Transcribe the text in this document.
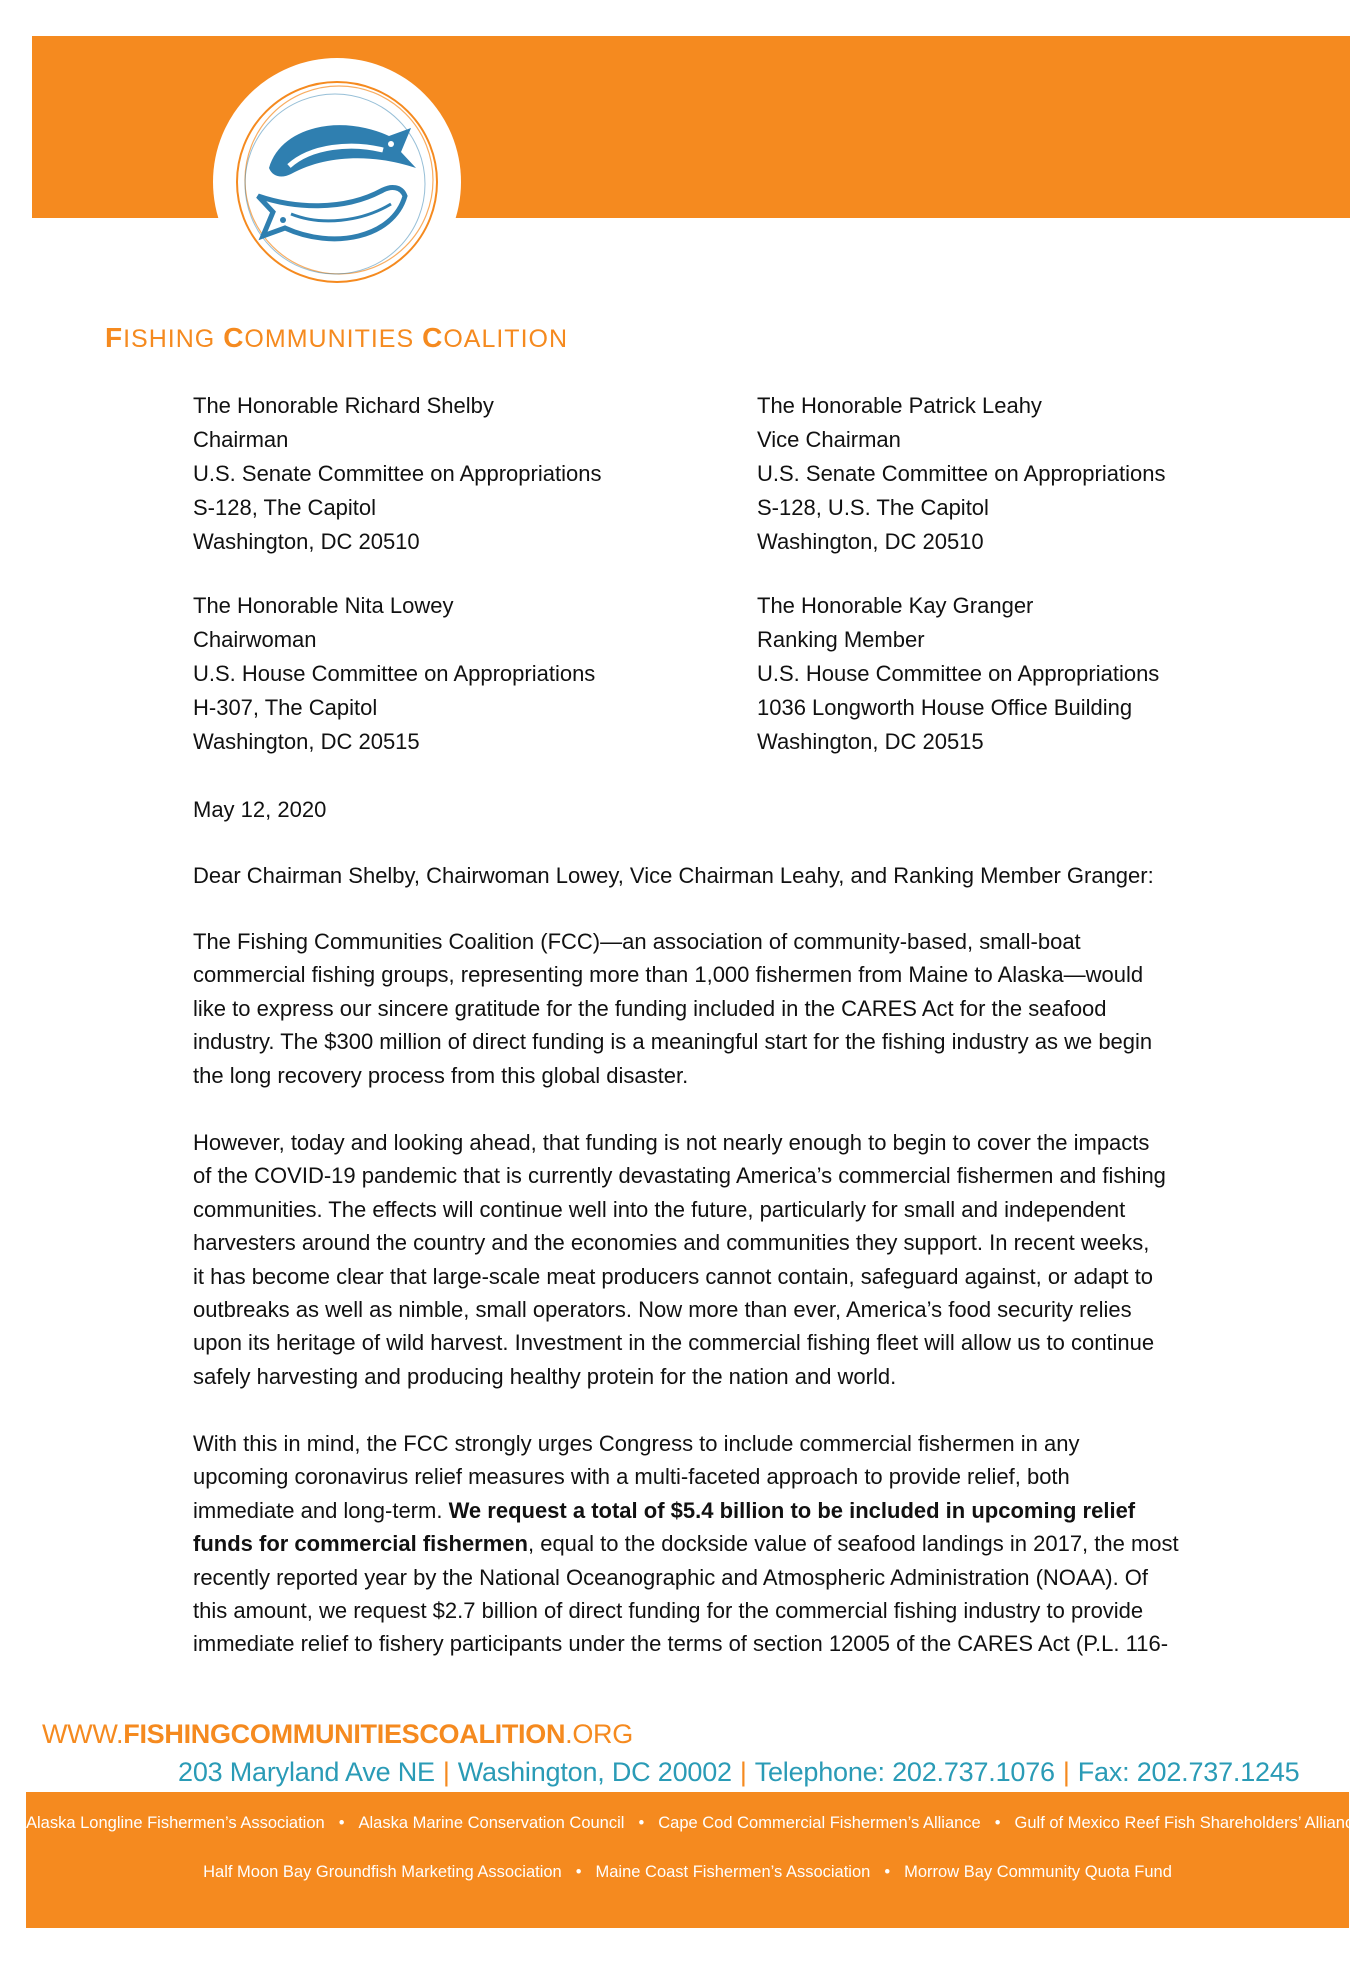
FISHING COMMUNITIES COALITION
The Honorable Richard Shelby
Chairman
U.S. Senate Committee on Appropriations
S-128, The Capitol
Washington, DC 20510
The Honorable Patrick Leahy
Vice Chairman
U.S. Senate Committee on Appropriations
S-128, U.S. The Capitol
Washington, DC 20510
The Honorable Nita Lowey
Chairwoman
U.S. House Committee on Appropriations
H-307, The Capitol
Washington, DC 20515
The Honorable Kay Granger
Ranking Member
U.S. House Committee on Appropriations
1036 Longworth House Office Building
Washington, DC 20515
May 12, 2020
Dear Chairman Shelby, Chairwoman Lowey, Vice Chairman Leahy, and Ranking Member Granger:
The Fishing Communities Coalition (FCC)—an association of community-based, small-boat
commercial fishing groups, representing more than 1,000 fishermen from Maine to Alaska—would
like to express our sincere gratitude for the funding included in the CARES Act for the seafood
industry. The $300 million of direct funding is a meaningful start for the fishing industry as we begin
the long recovery process from this global disaster.
However, today and looking ahead, that funding is not nearly enough to begin to cover the impacts
of the COVID-19 pandemic that is currently devastating America’s commercial fishermen and fishing
communities. The effects will continue well into the future, particularly for small and independent
harvesters around the country and the economies and communities they support. In recent weeks,
it has become clear that large-scale meat producers cannot contain, safeguard against, or adapt to
outbreaks as well as nimble, small operators. Now more than ever, America’s food security relies
upon its heritage of wild harvest. Investment in the commercial fishing fleet will allow us to continue
safely harvesting and producing healthy protein for the nation and world.
With this in mind, the FCC strongly urges Congress to include commercial fishermen in any
upcoming coronavirus relief measures with a multi-faceted approach to provide relief, both
immediate and long-term. We request a total of $5.4 billion to be included in upcoming relief
funds for commercial fishermen, equal to the dockside value of seafood landings in 2017, the most
recently reported year by the National Oceanographic and Atmospheric Administration (NOAA). Of
this amount, we request $2.7 billion of direct funding for the commercial fishing industry to provide
immediate relief to fishery participants under the terms of section 12005 of the CARES Act (P.L. 116-
WWW.FISHINGCOMMUNITIESCOALITION.ORG
203 Maryland Ave NE | Washington, DC 20002 | Telephone: 202.737.1076 | Fax: 202.737.1245
Alaska Longline Fishermen’s Association • Alaska Marine Conservation Council • Cape Cod Commercial Fishermen’s Alliance • Gulf of Mexico Reef Fish Shareholders’ Alliance
Half Moon Bay Groundfish Marketing Association • Maine Coast Fishermen’s Association • Morrow Bay Community Quota Fund
